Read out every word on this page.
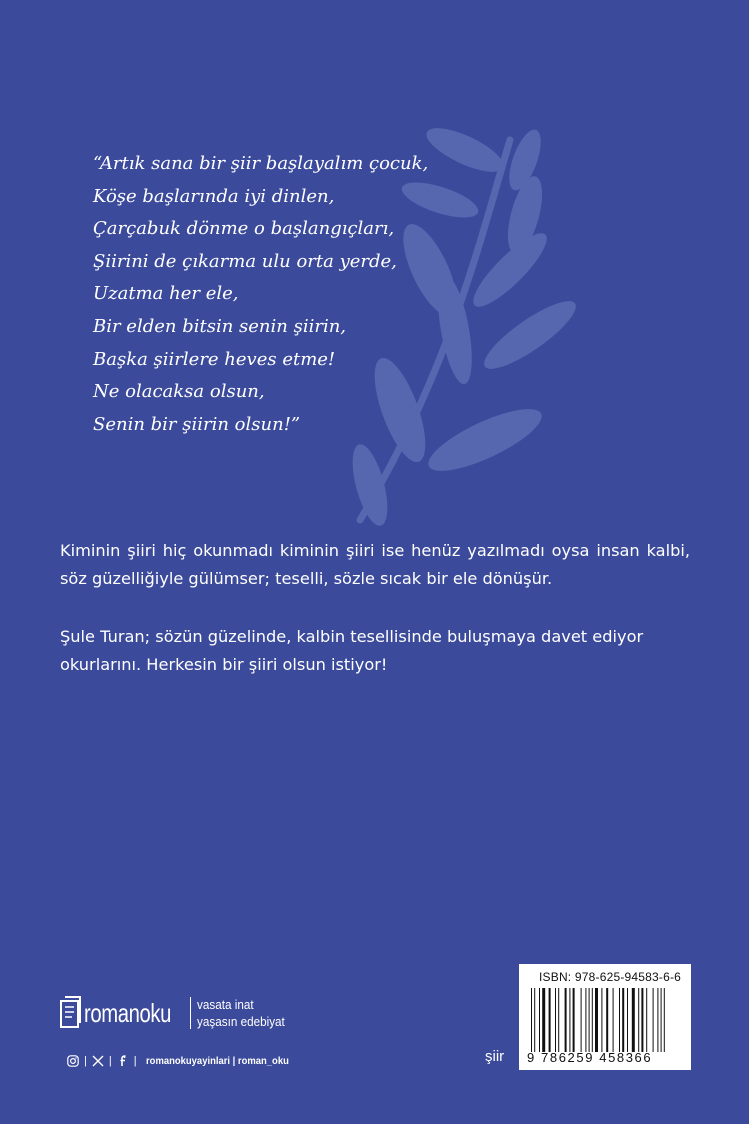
“Artık sana bir şiir başlayalım çocuk,
Köşe başlarında iyi dinlen,
Çarçabuk dönme o başlangıçları,
Şiirini de çıkarma ulu orta yerde,
Uzatma her ele,
Bir elden bitsin senin şiirin,
Başka şiirlere heves etme!
Ne olacaksa olsun,
Senin bir şiirin olsun!”

Kiminin şiiri hiç okunmadı kiminin şiiri ise henüz yazılmadı oysa insan kalbi, söz güzelliğiyle gülümser; teselli, sözle sıcak bir ele dönüşür.

Şule Turan; sözün güzelinde, kalbin tesellisinde buluşmaya davet ediyor okurlarını. Herkesin bir şiiri olsun istiyor!

romanoku vasata inat
yaşasın edebiyat
| | | romanokuyayinlari | roman_oku	şiir
ISBN: 978-625-94583-6-6
9 786259 458366
